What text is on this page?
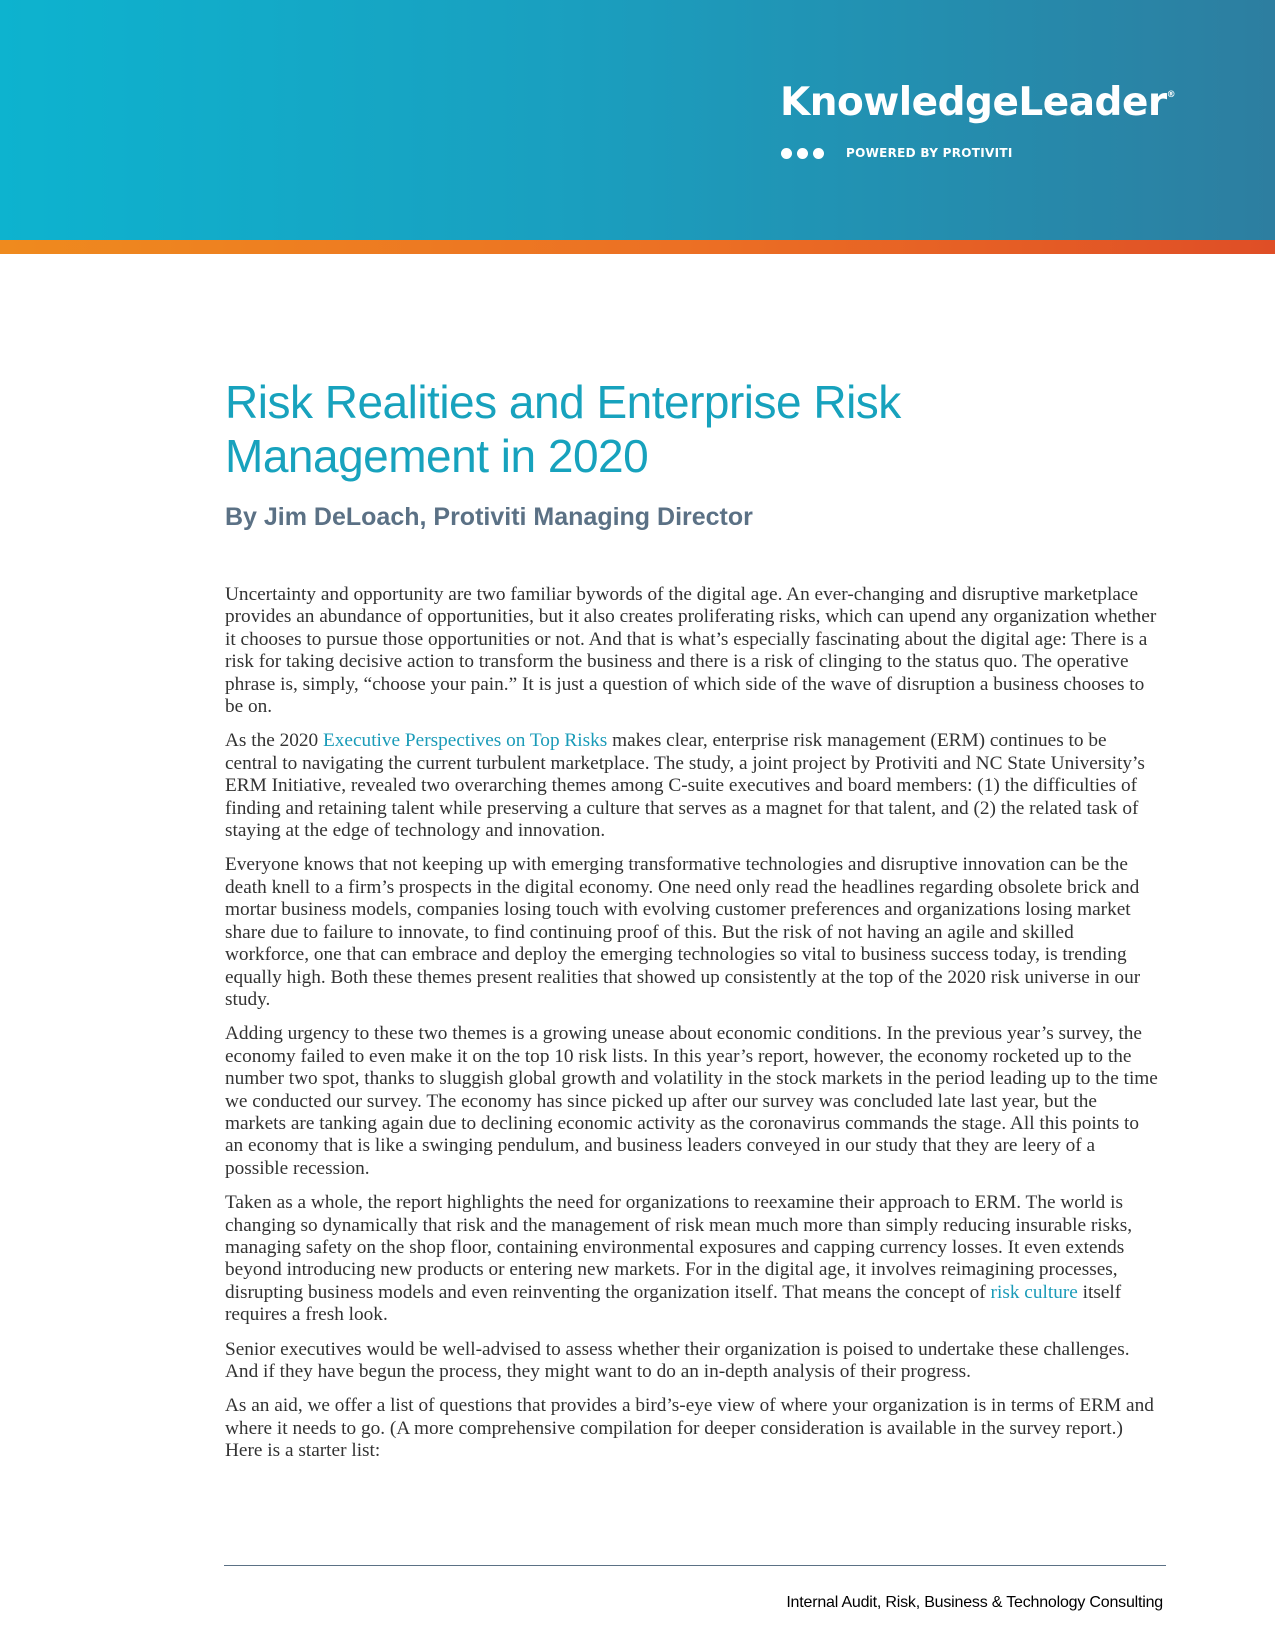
KnowledgeLeader®
POWERED BY PROTIVITI
Risk Realities and Enterprise Risk
Management in 2020
By Jim DeLoach, Protiviti Managing Director

Uncertainty and opportunity are two familiar bywords of the digital age. An ever-changing and disruptive marketplace provides an abundance of opportunities, but it also creates proliferating risks, which can upend any organization whether it chooses to pursue those opportunities or not. And that is what’s especially fascinating about the digital age: There is a risk for taking decisive action to transform the business and there is a risk of clinging to the status quo. The operative phrase is, simply, “choose your pain.” It is just a question of which side of the wave of disruption a business chooses to be on.

As the 2020 Executive Perspectives on Top Risks makes clear, enterprise risk management (ERM) continues to be central to navigating the current turbulent marketplace. The study, a joint project by Protiviti and NC State University’s ERM Initiative, revealed two overarching themes among C-suite executives and board members: (1) the difficulties of finding and retaining talent while preserving a culture that serves as a magnet for that talent, and (2) the related task of staying at the edge of technology and innovation.

Everyone knows that not keeping up with emerging transformative technologies and disruptive innovation can be the death knell to a firm’s prospects in the digital economy. One need only read the headlines regarding obsolete brick and mortar business models, companies losing touch with evolving customer preferences and organizations losing market share due to failure to innovate, to find continuing proof of this. But the risk of not having an agile and skilled workforce, one that can embrace and deploy the emerging technologies so vital to business success today, is trending equally high. Both these themes present realities that showed up consistently at the top of the 2020 risk universe in our study.

Adding urgency to these two themes is a growing unease about economic conditions. In the previous year’s survey, the economy failed to even make it on the top 10 risk lists. In this year’s report, however, the economy rocketed up to the number two spot, thanks to sluggish global growth and volatility in the stock markets in the period leading up to the time we conducted our survey. The economy has since picked up after our survey was concluded late last year, but the markets are tanking again due to declining economic activity as the coronavirus commands the stage. All this points to an economy that is like a swinging pendulum, and business leaders conveyed in our study that they are leery of a possible recession.

Taken as a whole, the report highlights the need for organizations to reexamine their approach to ERM. The world is changing so dynamically that risk and the management of risk mean much more than simply reducing insurable risks, managing safety on the shop floor, containing environmental exposures and capping currency losses. It even extends beyond introducing new products or entering new markets. For in the digital age, it involves reimagining processes, disrupting business models and even reinventing the organization itself. That means the concept of risk culture itself requires a fresh look.

Senior executives would be well-advised to assess whether their organization is poised to undertake these challenges. And if they have begun the process, they might want to do an in-depth analysis of their progress.

As an aid, we offer a list of questions that provides a bird’s-eye view of where your organization is in terms of ERM and where it needs to go. (A more comprehensive compilation for deeper consideration is available in the survey report.) Here is a starter list:

Internal Audit, Risk, Business & Technology Consulting
